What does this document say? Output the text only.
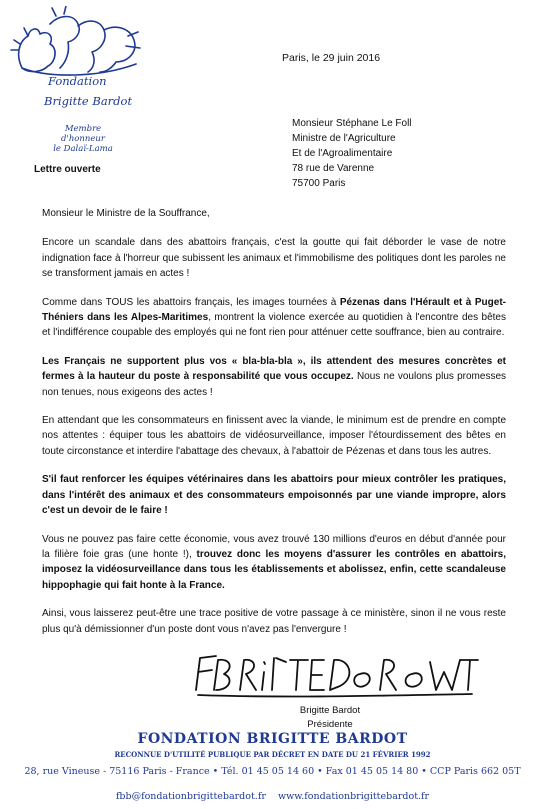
Fondation
Brigitte Bardot
Membre d'honneur
le Dalaï-Lama
Paris, le 29 juin 2016
Monsieur Stéphane Le Foll
Ministre de l'Agriculture
Et de l'Agroalimentaire
78 rue de Varenne
75700 Paris
Lettre ouverte

Monsieur le Ministre de la Souffrance,

Encore un scandale dans des abattoirs français, c'est la goutte qui fait déborder le vase de notre indignation face à l'horreur que subissent les animaux et l'immobilisme des politiques dont les paroles ne se transforment jamais en actes !

Comme dans TOUS les abattoirs français, les images tournées à Pézenas dans l'Hérault et à Puget-Théniers dans les Alpes-Maritimes, montrent la violence exercée au quotidien à l'encontre des bêtes et l'indifférence coupable des employés qui ne font rien pour atténuer cette souffrance, bien au contraire.

Les Français ne supportent plus vos « bla-bla-bla », ils attendent des mesures concrètes et fermes à la hauteur du poste à responsabilité que vous occupez. Nous ne voulons plus promesses non tenues, nous exigeons des actes !

En attendant que les consommateurs en finissent avec la viande, le minimum est de prendre en compte nos attentes : équiper tous les abattoirs de vidéosurveillance, imposer l'étourdissement des bêtes en toute circonstance et interdire l'abattage des chevaux, à l'abattoir de Pézenas et dans tous les autres.

S'il faut renforcer les équipes vétérinaires dans les abattoirs pour mieux contrôler les pratiques, dans l'intérêt des animaux et des consommateurs empoisonnés par une viande impropre, alors c'est un devoir de le faire !

Vous ne pouvez pas faire cette économie, vous avez trouvé 130 millions d'euros en début d'année pour la filière foie gras (une honte !), trouvez donc les moyens d'assurer les contrôles en abattoirs, imposez la vidéosurveillance dans tous les établissements et abolissez, enfin, cette scandaleuse hippophagie qui fait honte à la France.

Ainsi, vous laisserez peut-être une trace positive de votre passage à ce ministère, sinon il ne vous reste plus qu'à démissionner d'un poste dont vous n'avez pas l'envergure !

Brigitte Bardot
Présidente
FONDATION BRIGITTE BARDOT
RECONNUE D'UTILITÉ PUBLIQUE PAR DÉCRET EN DATE DU 21 FÉVRIER 1992
28, rue Vineuse - 75116 Paris - France • Tél. 01 45 05 14 60 • Fax 01 45 05 14 80 • CCP Paris 662 05T
fbb@fondationbrigittebardot.fr www.fondationbrigittebardot.fr
